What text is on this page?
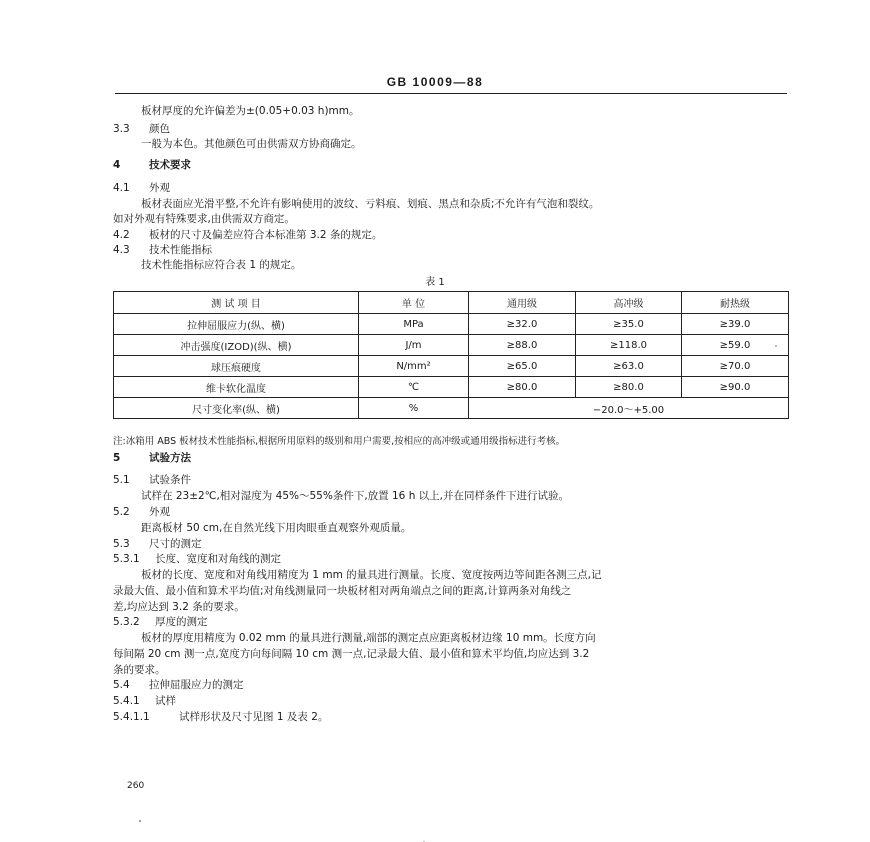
GB 10009—88
板材厚度的允许偏差为±(0.05+0.03 h)mm。
3.3 颜色
一般为本色。其他颜色可由供需双方协商确定。
4	技术要求
4.1 外观
板材表面应光滑平整,不允许有影响使用的波纹、亏料痕、划痕、黑点和杂质;不允许有气泡和裂纹。
如对外观有特殊要求,由供需双方商定。
4.2 板材的尺寸及偏差应符合本标准第 3.2 条的规定。
4.3 技术性能指标
技术性能指标应符合表 1 的规定。
表 1
测 试 项 目	单 位	通用级	高冲级	耐热级
拉伸屈服应力(纵、横)	MPa	≥32.0	≥35.0	≥39.0
冲击强度(IZOD)(纵、横)	J/m	≥88.0	≥118.0	≥59.0
球压痕硬度	N/mm²	≥65.0	≥63.0	≥70.0
维卡软化温度	℃	≥80.0	≥80.0	≥90.0
尺寸变化率(纵、横)	%	−20.0～+5.00		
注:冰箱用 ABS 板材技术性能指标,根据所用原料的级别和用户需要,按相应的高冲级或通用级指标进行考核。
5	试验方法
5.1 试验条件
试样在 23±2℃,相对湿度为 45%～55%条件下,放置 16 h 以上,并在同样条件下进行试验。
5.2 外观
距离板材 50 cm,在自然光线下用肉眼垂直观察外观质量。
5.3 尺寸的测定
5.3.1 长度、宽度和对角线的测定
板材的长度、宽度和对角线用精度为 1 mm 的量具进行测量。长度、宽度按两边等间距各测三点,记
录最大值、最小值和算术平均值;对角线测量同一块板材相对两角端点之间的距离,计算两条对角线之
差,均应达到 3.2 条的要求。
5.3.2 厚度的测定
板材的厚度用精度为 0.02 mm 的量具进行测量,端部的测定点应距离板材边缘 10 mm。长度方向
每间隔 20 cm 测一点,宽度方向每间隔 10 cm 测一点,记录最大值、最小值和算术平均值,均应达到 3.2
条的要求。
5.4 拉伸屈服应力的测定
5.4.1 试样
5.4.1.1	试样形状及尺寸见图 1 及表 2。
260
